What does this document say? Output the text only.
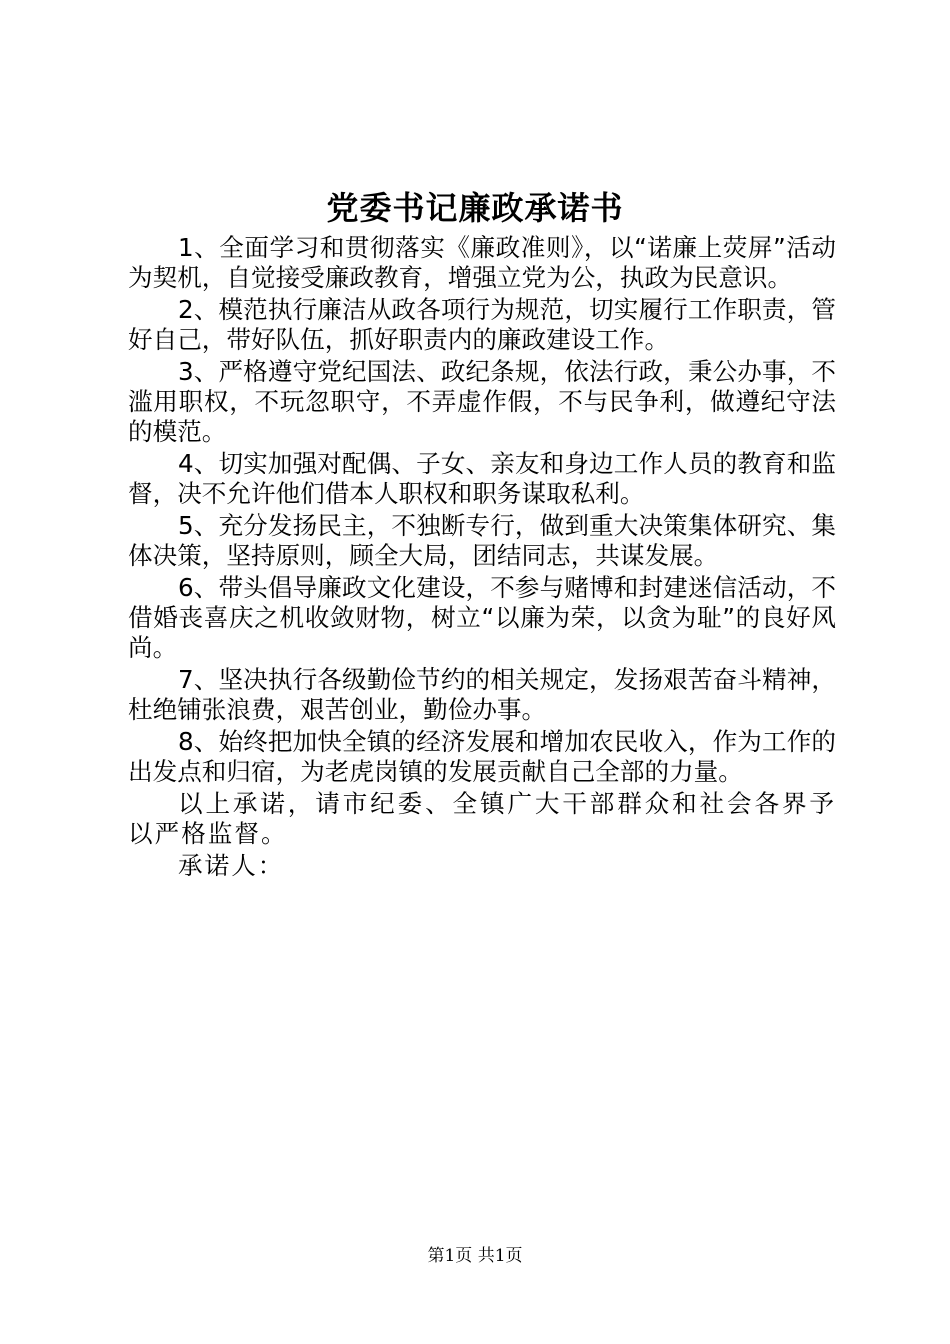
党委书记廉政承诺书

1、全面学习和贯彻落实《廉政准则》，以“诺廉上荧屏”活动为契机，自觉接受廉政教育，增强立党为公，执政为民意识。

2、模范执行廉洁从政各项行为规范，切实履行工作职责，管好自己，带好队伍，抓好职责内的廉政建设工作。

3、严格遵守党纪国法、政纪条规，依法行政，秉公办事，不滥用职权，不玩忽职守，不弄虚作假，不与民争利，做遵纪守法的模范。

4、切实加强对配偶、子女、亲友和身边工作人员的教育和监督，决不允许他们借本人职权和职务谋取私利。

5、充分发扬民主，不独断专行，做到重大决策集体研究、集体决策，坚持原则，顾全大局，团结同志，共谋发展。

6、带头倡导廉政文化建设，不参与赌博和封建迷信活动，不借婚丧喜庆之机收敛财物，树立“以廉为荣，以贪为耻”的良好风尚。

7、坚决执行各级勤俭节约的相关规定，发扬艰苦奋斗精神，杜绝铺张浪费，艰苦创业，勤俭办事。

8、始终把加快全镇的经济发展和增加农民收入，作为工作的出发点和归宿，为老虎岗镇的发展贡献自己全部的力量。

以上承诺，请市纪委、全镇广大干部群众和社会各界予以严格监督。

承诺人：

第1页 共1页
